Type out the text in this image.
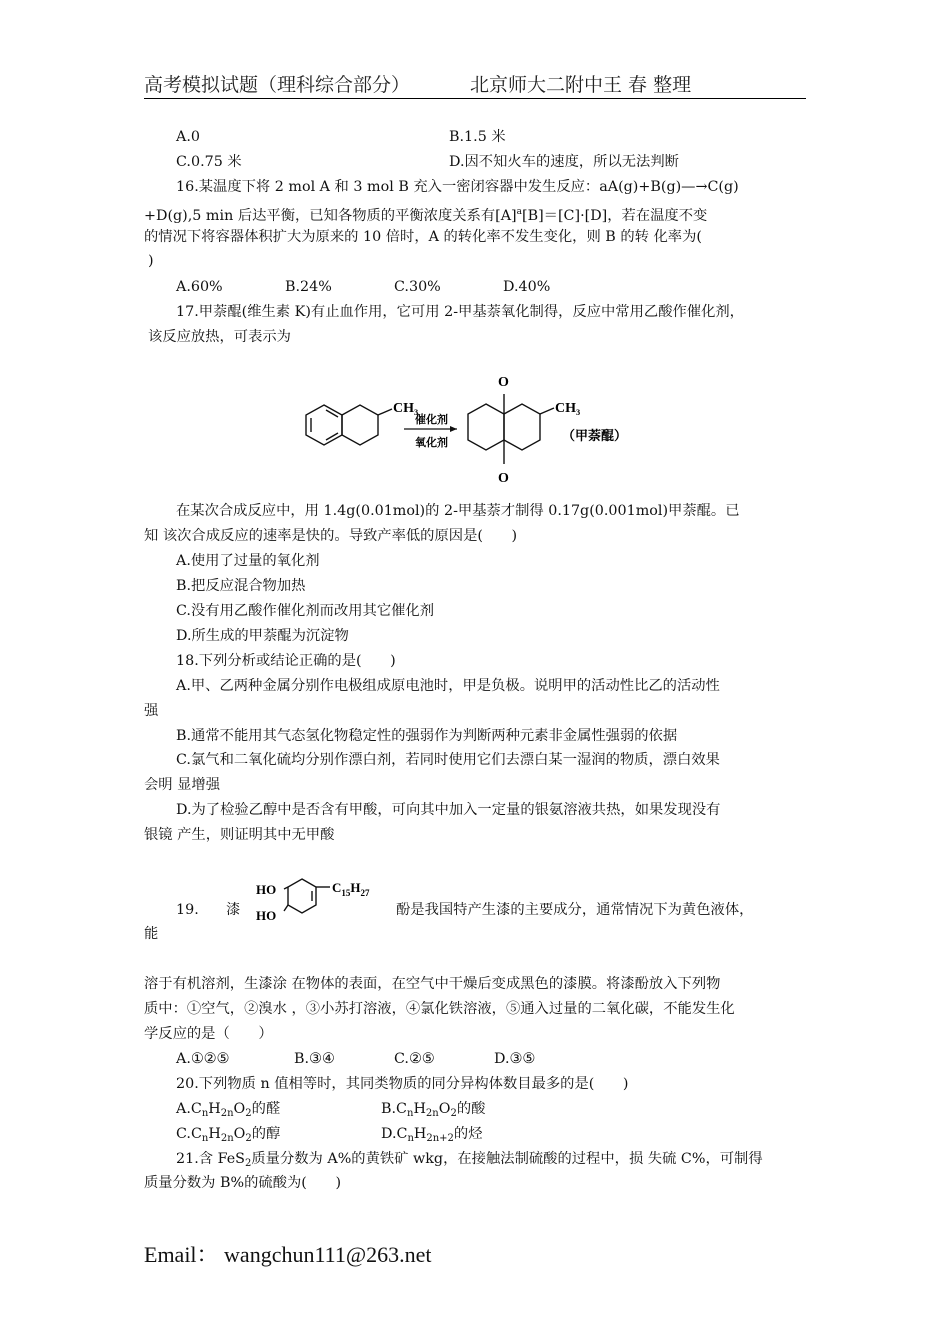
高考模拟试题（理科综合部分）	北京师大二附中王 春 整理
A.0	B.1.5 米
C.0.75 米	D.因不知火车的速度，所以无法判断
16.某温度下将 2 mol A 和 3 mol B 充入一密闭容器中发生反应：aA(g)+B(g)—→C(g)
+D(g),5 min 后达平衡，已知各物质的平衡浓度关系有$[A]^a[B]=[C]\cdot[D]$，若在温度不变
的情况下将容器体积扩大为原来的 10 倍时，A 的转化率不发生变化，则 B 的转 化率为(
)
A.60%	B.24%	C.30%	D.40%
17.甲萘醌(维生素 K)有止血作用，它可用 2-甲基萘氧化制得，反应中常用乙酸作催化剂，
该反应放热，可表示为
CH₃
催化剂
氧化剂
O
O
CH₃
（甲萘醌）
在某次合成反应中，用 1.4g(0.01mol)的 2-甲基萘才制得 0.17g(0.001mol)甲萘醌。已
知 该次合成反应的速率是快的。导致产率低的原因是(　　)
A.使用了过量的氧化剂
B.把反应混合物加热
C.没有用乙酸作催化剂而改用其它催化剂
D.所生成的甲萘醌为沉淀物
18.下列分析或结论正确的是(　　)
A.甲、乙两种金属分别作电极组成原电池时，甲是负极。说明甲的活动性比乙的活动性
强
B.通常不能用其气态氢化物稳定性的强弱作为判断两种元素非金属性强弱的依据
C.氯气和二氧化硫均分别作漂白剂，若同时使用它们去漂白某一湿润的物质，漂白效果
会明 显增强
D.为了检验乙醇中是否含有甲酸，可向其中加入一定量的银氨溶液共热，如果发现没有
银镜 产生，则证明其中无甲酸
19. 漆
HO
HO
$C_{15}H_{27}$
酚是我国特产生漆的主要成分，通常情况下为黄色液体，
能
溶于有机溶剂，生漆涂 在物体的表面，在空气中干燥后变成黑色的漆膜。将漆酚放入下列物
质中：①空气，②溴水 ，③小苏打溶液，④氯化铁溶液，⑤通入过量的二氧化碳，不能发生化
学反应的是（　　）
A.①②⑤	B.③④	C.②⑤	D.③⑤
20.下列物质 n 值相等时，其同类物质的同分异构体数目最多的是(　　)
$A.C_nH_{2n}O_2$的醛	$B.C_nH_{2n}O_2$的酸
$C.C_nH_{2n}O_2$的醇	$D.C_nH_{2n+2}$的烃
21.含 FeS$_2$质量分数为 A%的黄铁矿 wkg，在接触法制硫酸的过程中，损 失硫 C%，可制得
质量分数为 B%的硫酸为(　　)
Email： wangchun111@263.net
